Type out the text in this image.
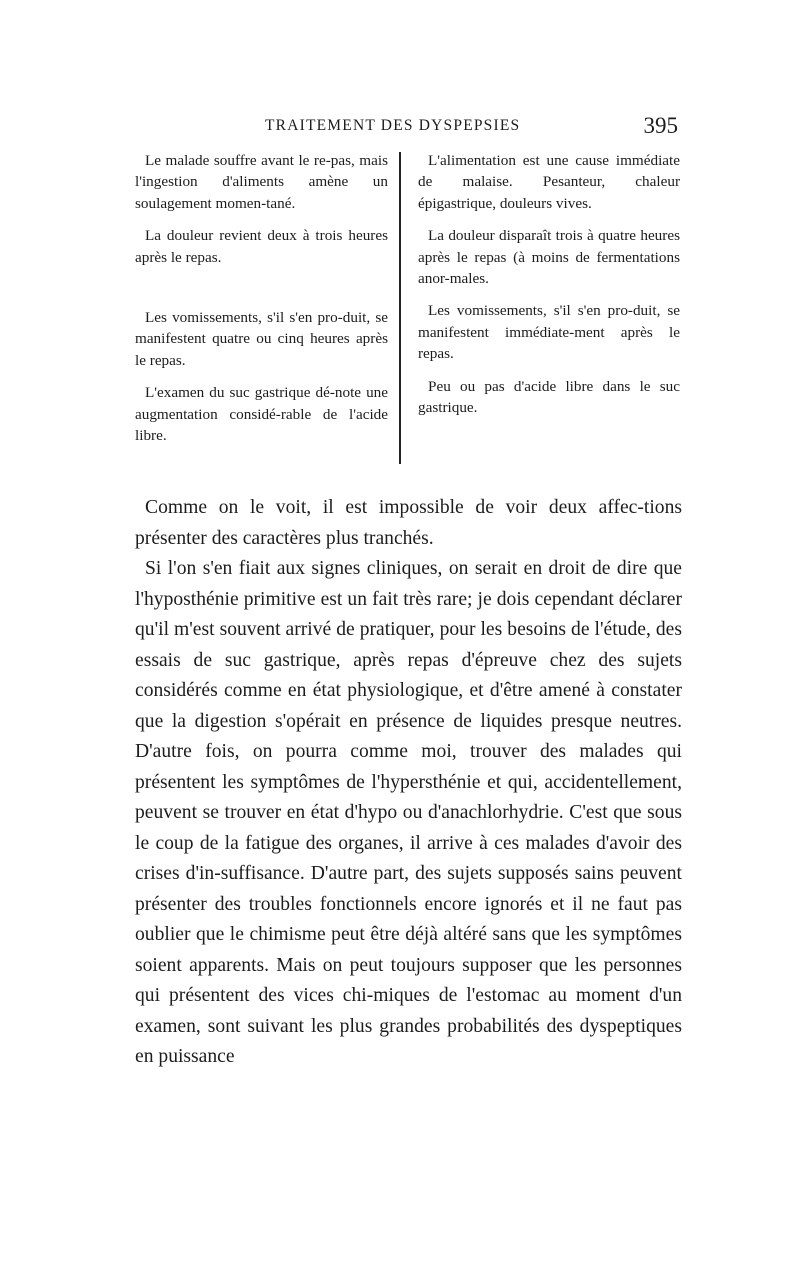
TRAITEMENT DES DYSPEPSIES	395

Le malade souffre avant le re-pas, mais l'ingestion d'aliments amène un soulagement momen-tané.

La douleur revient deux à trois heures après le repas.

Les vomissements, s'il s'en pro-duit, se manifestent quatre ou cinq heures après le repas.

L'examen du suc gastrique dé-note une augmentation considé-rable de l'acide libre.

L'alimentation est une cause immédiate de malaise. Pesanteur, chaleur épigastrique, douleurs vives.

La douleur disparaît trois à quatre heures après le repas (à moins de fermentations anor-males.

Les vomissements, s'il s'en pro-duit, se manifestent immédiate-ment après le repas.

Peu ou pas d'acide libre dans le suc gastrique.

Comme on le voit, il est impossible de voir deux affec-tions présenter des caractères plus tranchés.

Si l'on s'en fiait aux signes cliniques, on serait en droit de dire que l'hyposthénie primitive est un fait très rare; je dois cependant déclarer qu'il m'est souvent arrivé de pratiquer, pour les besoins de l'étude, des essais de suc gastrique, après repas d'épreuve chez des sujets considérés comme en état physiologique, et d'être amené à constater que la digestion s'opérait en présence de liquides presque neutres. D'autre fois, on pourra comme moi, trouver des malades qui présentent les symptômes de l'hypersthénie et qui, accidentellement, peuvent se trouver en état d'hypo ou d'anachlorhydrie. C'est que sous le coup de la fatigue des organes, il arrive à ces malades d'avoir des crises d'in-suffisance. D'autre part, des sujets supposés sains peuvent présenter des troubles fonctionnels encore ignorés et il ne faut pas oublier que le chimisme peut être déjà altéré sans que les symptômes soient apparents. Mais on peut toujours supposer que les personnes qui présentent des vices chi-miques de l'estomac au moment d'un examen, sont suivant les plus grandes probabilités des dyspeptiques en puissance
